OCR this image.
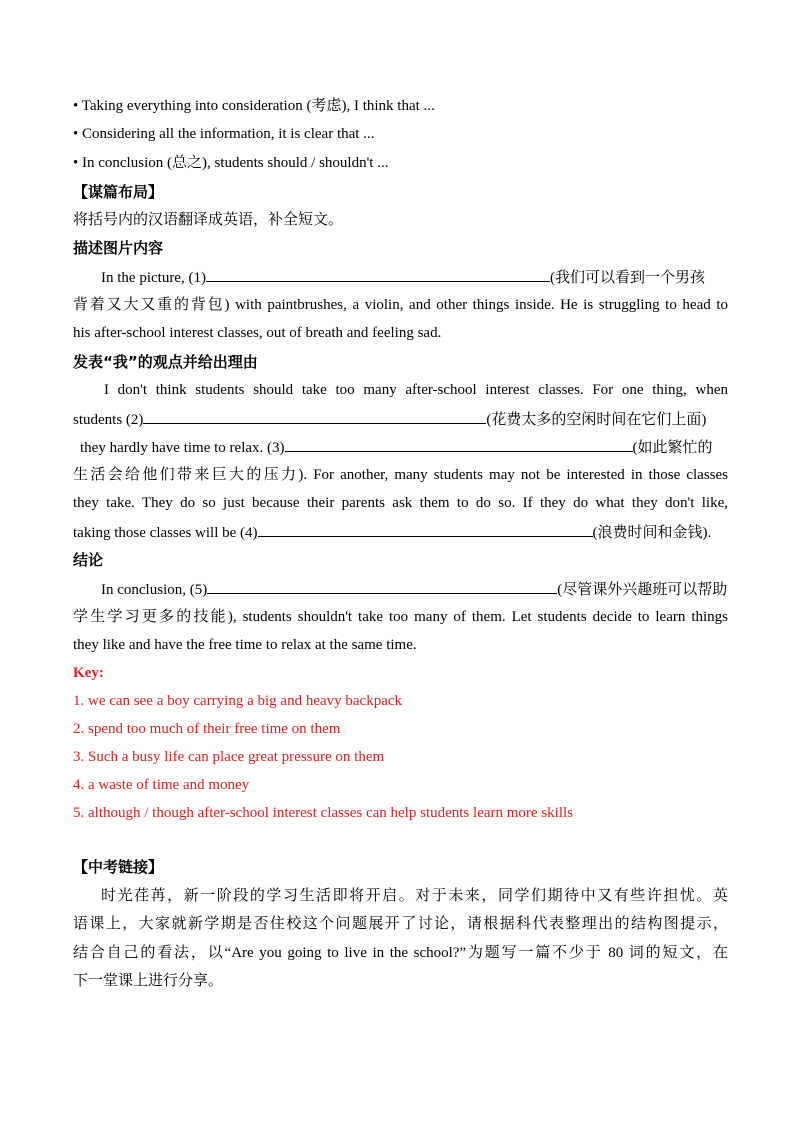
• Taking everything into consideration (考虑), I think that ...
• Considering all the information, it is clear that ...
• In conclusion (总之), students should / shouldn't ...
【谋篇布局】
将括号内的汉语翻译成英语，补全短文。
描述图片内容
In the picture, (1)	(我们可以看到一个男孩
背着又大又重的背包) with paintbrushes, a violin, and other things inside. He is struggling to head to
his after-school interest classes, out of breath and feeling sad.
发表“我”的观点并给出理由
I don't think students should take too many after-school interest classes. For one thing, when
students (2)	(花费太多的空闲时间在它们上面)
they hardly have time to relax. (3)	(如此繁忙的
生活会给他们带来巨大的压力). For another, many students may not be interested in those classes
they take. They do so just because their parents ask them to do so. If they do what they don't like,
taking those classes will be (4)	(浪费时间和金钱).
结论
In conclusion, (5)	(尽管课外兴趣班可以帮助
学生学习更多的技能), students shouldn't take too many of them. Let students decide to learn things
they like and have the free time to relax at the same time.
Key:
1. we can see a boy carrying a big and heavy backpack
2. spend too much of their free time on them
3. Such a busy life can place great pressure on them
4. a waste of time and money
5. although / though after-school interest classes can help students learn more skills
【中考链接】
时光荏苒，新一阶段的学习生活即将开启。对于未来，同学们期待中又有些许担忧。英
语课上，大家就新学期是否住校这个问题展开了讨论，请根据科代表整理出的结构图提示，
结合自己的看法，以“Are you going to live in the school?”为题写一篇不少于 80 词的短文，在
下一堂课上进行分享。
